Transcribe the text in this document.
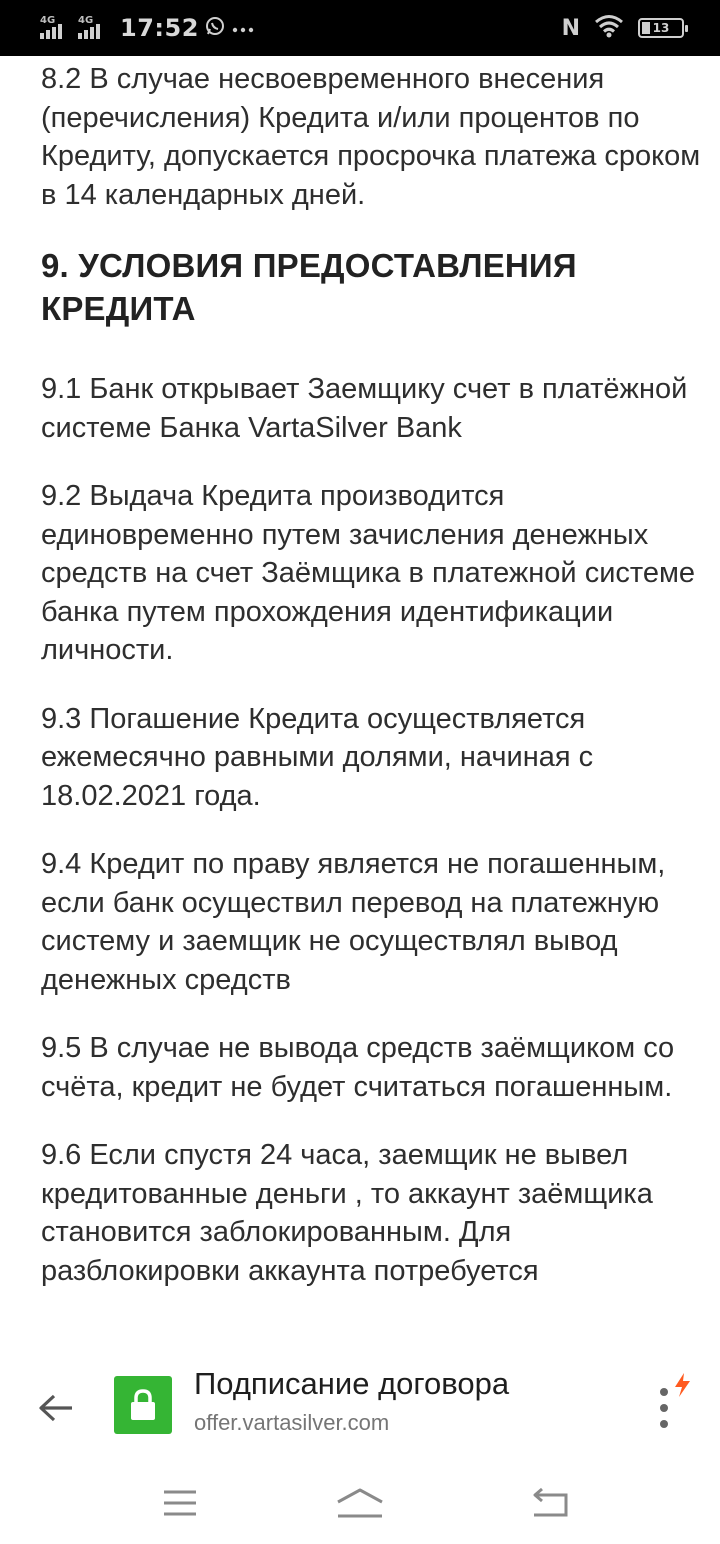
4G 4G 17:52	N	13

8.2 В случае несвоевременного внесения (перечисления) Кредита и/или процентов по Кредиту, допускается просрочка платежа сроком в 14 календарных дней.

9. УСЛОВИЯ ПРЕДОСТАВЛЕНИЯ КРЕДИТА

9.1 Банк открывает Заемщику счет в платёжной системе Банка VartaSilver Bank

9.2 Выдача Кредита производится единовременно путем зачисления денежных средств на счет Заёмщика в платежной системе банка путем прохождения идентификации личности.

9.3 Погашение Кредита осуществляется ежемесячно равными долями, начиная с 18.02.2021 года.

9.4 Кредит по праву является не погашенным, если банк осуществил перевод на платежную систему и заемщик не осуществлял вывод денежных средств

9.5 В случае не вывода средств заёмщиком со счёта, кредит не будет считаться погашенным.

9.6 Если спустя 24 часа, заемщик не вывел кредитованные деньги , то аккаунт заёмщика становится заблокированным. Для разблокировки аккаунта потребуется

Подписание договора
offer.vartasilver.com
